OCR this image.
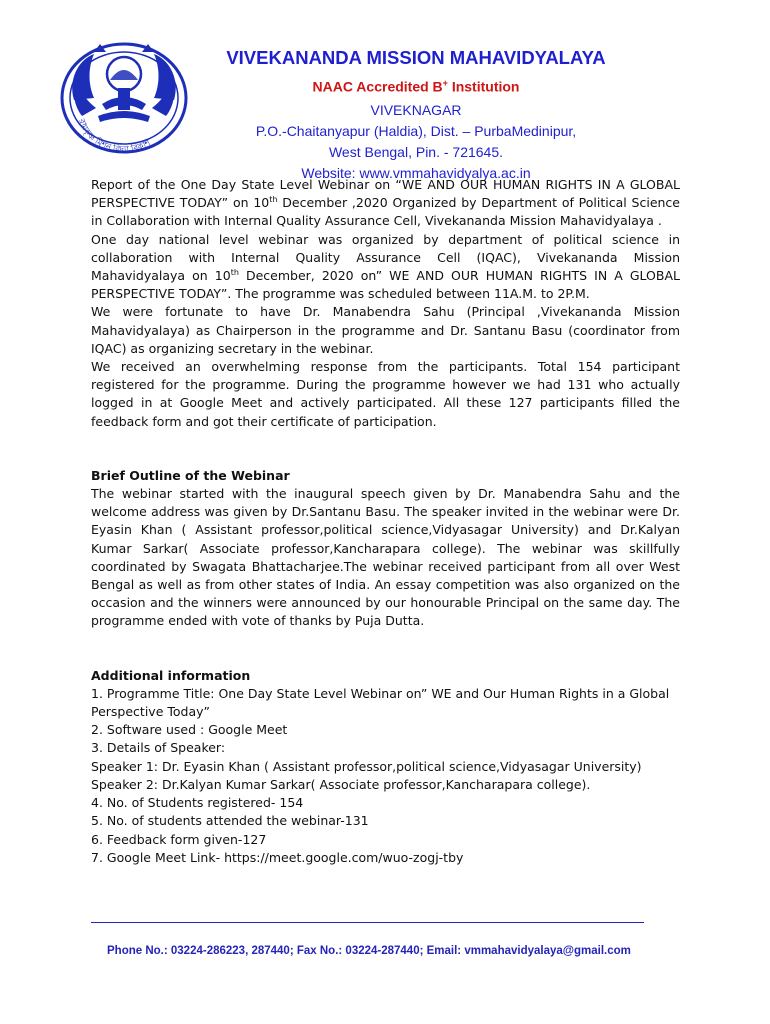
রামকৃষ্ণ মিশন বিদ্যা বিকাশ
VIVEKANANDA MISSION MAHAVIDYALAYA
NAAC Accredited B+ Institution
VIVEKNAGAR
P.O.-Chaitanyapur (Haldia), Dist. – PurbaMedinipur,
West Bengal, Pin. - 721645.
Website: www.vmmahavidyalya.ac.in

Report of the One Day State Level Webinar on “WE AND OUR HUMAN RIGHTS IN A GLOBAL PERSPECTIVE TODAY” on 10th December ,2020 Organized by Department of Political Science in Collaboration with Internal Quality Assurance Cell, Vivekananda Mission Mahavidyalaya .

One day national level webinar was organized by department of political science in collaboration with Internal Quality Assurance Cell (IQAC), Vivekananda Mission Mahavidyalaya on 10th December, 2020 on” WE AND OUR HUMAN RIGHTS IN A GLOBAL PERSPECTIVE TODAY”. The programme was scheduled between 11A.M. to 2P.M.

We were fortunate to have Dr. Manabendra Sahu (Principal ,Vivekananda Mission Mahavidyalaya) as Chairperson in the programme and Dr. Santanu Basu (coordinator from IQAC) as organizing secretary in the webinar.

We received an overwhelming response from the participants. Total 154 participant registered for the programme. During the programme however we had 131 who actually logged in at Google Meet and actively participated. All these 127 participants filled the feedback form and got their certificate of participation.

Brief Outline of the Webinar

The webinar started with the inaugural speech given by Dr. Manabendra Sahu and the welcome address was given by Dr.Santanu Basu. The speaker invited in the webinar were Dr. Eyasin Khan ( Assistant professor,political science,Vidyasagar University) and Dr.Kalyan Kumar Sarkar( Associate professor,Kancharapara college). The webinar was skillfully coordinated by Swagata Bhattacharjee.The webinar received participant from all over West Bengal as well as from other states of India. An essay competition was also organized on the occasion and the winners were announced by our honourable Principal on the same day. The programme ended with vote of thanks by Puja Dutta.

Additional information

1. Programme Title: One Day State Level Webinar on” WE and Our Human Rights in a Global Perspective Today”

2. Software used : Google Meet

3. Details of Speaker:

Speaker 1: Dr. Eyasin Khan ( Assistant professor,political science,Vidyasagar University)

Speaker 2: Dr.Kalyan Kumar Sarkar( Associate professor,Kancharapara college).

4. No. of Students registered- 154

5. No. of students attended the webinar-131

6. Feedback form given-127

7. Google Meet Link- https://meet.google.com/wuo-zogj-tby

Phone No.: 03224-286223, 287440; Fax No.: 03224-287440; Email: vmmahavidyalaya@gmail.com
